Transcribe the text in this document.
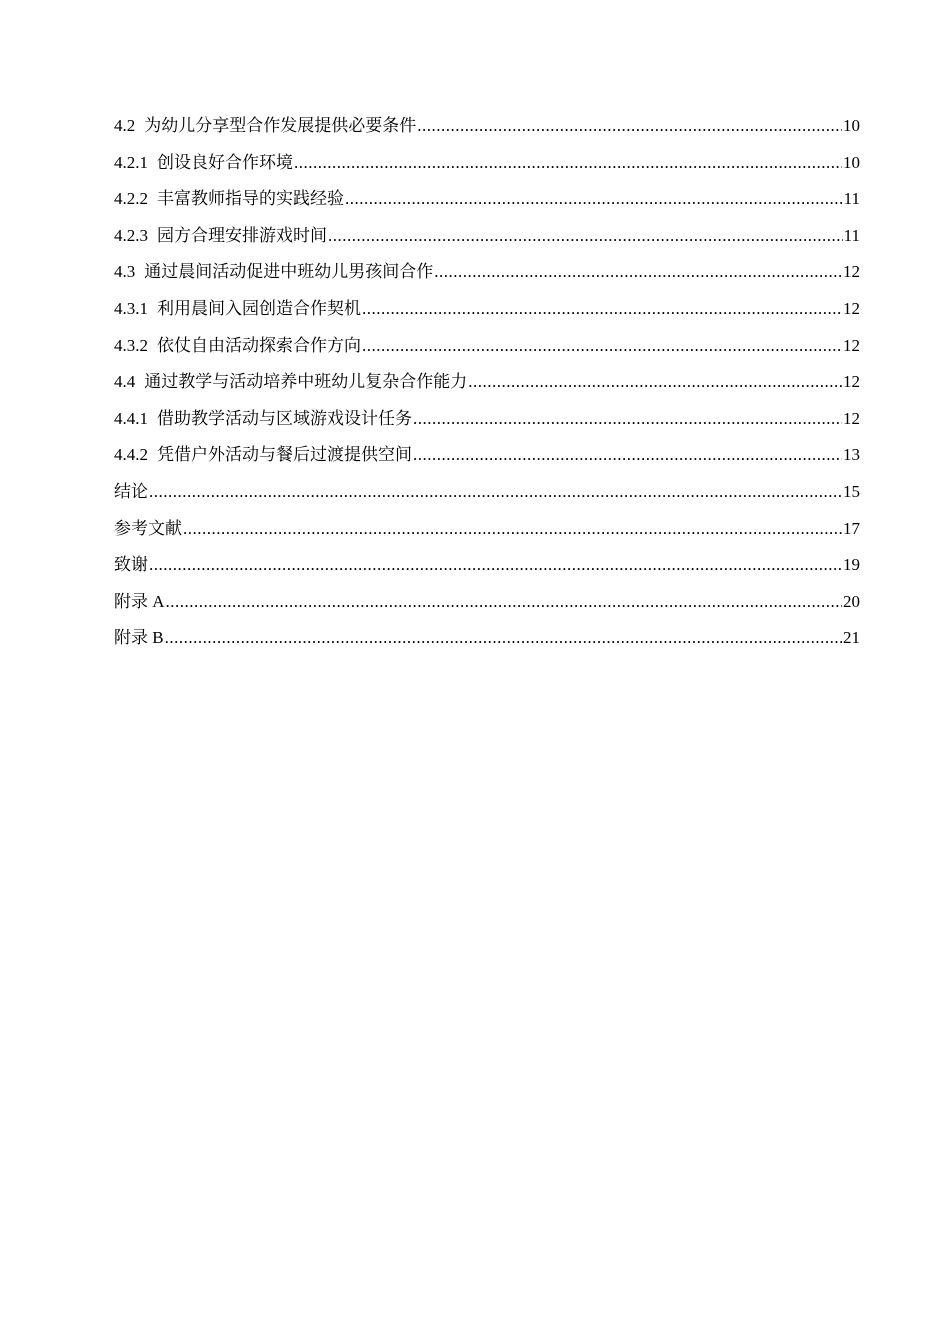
4.2 为幼儿分享型合作发展提供必要条件 .....	10
4.2.1 创设良好合作环境 .....	10
4.2.2 丰富教师指导的实践经验 .....	11
4.2.3 园方合理安排游戏时间 .....	11
4.3 通过晨间活动促进中班幼儿男孩间合作 .....	12
4.3.1 利用晨间入园创造合作契机 .....	12
4.3.2 依仗自由活动探索合作方向 .....	12
4.4 通过教学与活动培养中班幼儿复杂合作能力 .....	12
4.4.1 借助教学活动与区域游戏设计任务 .....	12
4.4.2 凭借户外活动与餐后过渡提供空间 .....	13
结论 .....	15
参考文献 .....	17
致谢 .....	19
附录 A .....	20
附录 B .....	21
